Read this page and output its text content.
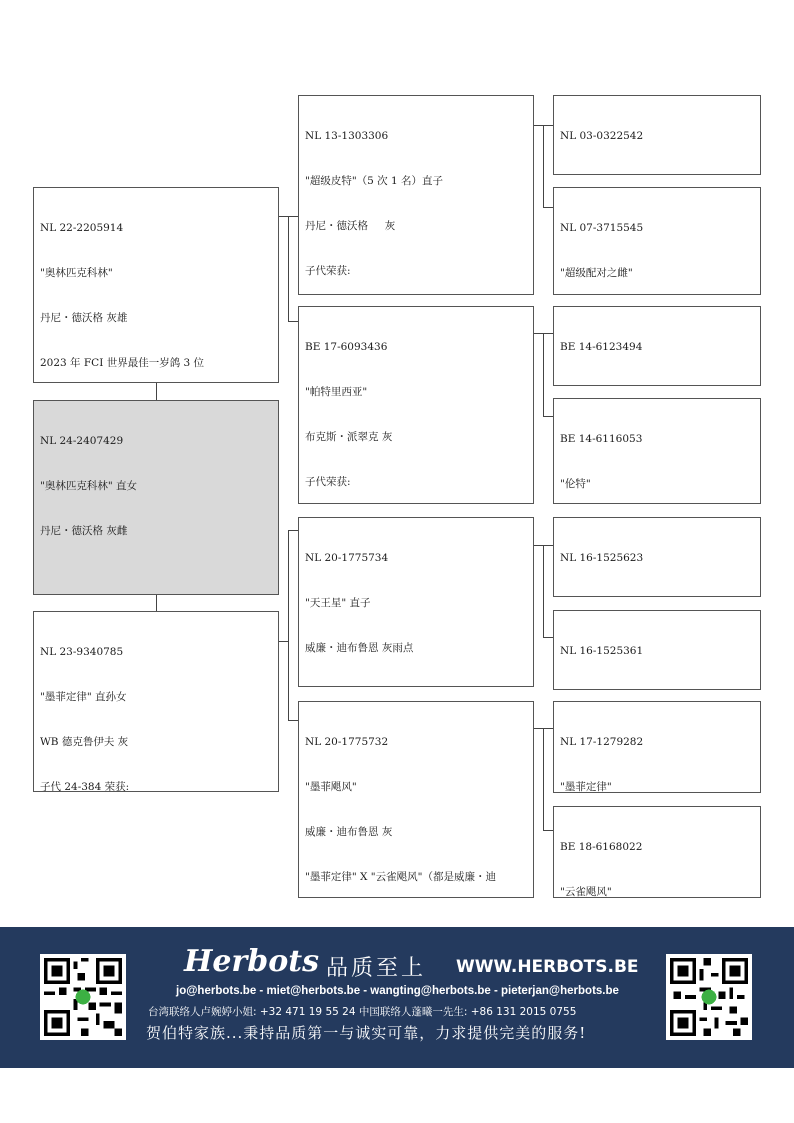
NL 22-2205914

"奥林匹克科林"

丹尼・德沃格 灰雄

2023 年 FCI 世界最佳一岁鸽 3 位

NL 24-2407429

"奥林匹克科林" 直女

丹尼・德沃格 灰雌

NL 23-9340785

"墨菲定律" 直孙女

WB 德克鲁伊夫 灰

子代 24-384 荣获:

NL 13-1303306

"超级皮特"（5 次 1 名）直子

丹尼・德沃格     灰

子代荣获:

BE 17-6093436

"帕特里西亚"

布克斯・派翠克 灰

子代荣获:

NL 20-1775734

"天王星" 直子

威廉・迪布鲁恩 灰雨点

NL 20-1775732

"墨菲飓风"

威廉・迪布鲁恩 灰

"墨菲定律" X "云雀飓风"（都是威廉・迪

NL 03-0322542

NL 07-3715545

"超级配对之雌"

BE 14-6123494

BE 14-6116053

"伦特"

NL 16-1525623

NL 16-1525361

NL 17-1279282

"墨菲定律"

BE 18-6168022

"云雀飓风"

Herbots 品质至上 WWW.HERBOTS.BE
jo@herbots.be - miet@herbots.be - wangting@herbots.be - pieterjan@herbots.be
台湾联络人卢婉婷小姐: +32 471 19 55 24 中国联络人蓬曦一先生: +86 131 2015 0755
贺伯特家族...秉持品质第一与诚实可靠，力求提供完美的服务!
